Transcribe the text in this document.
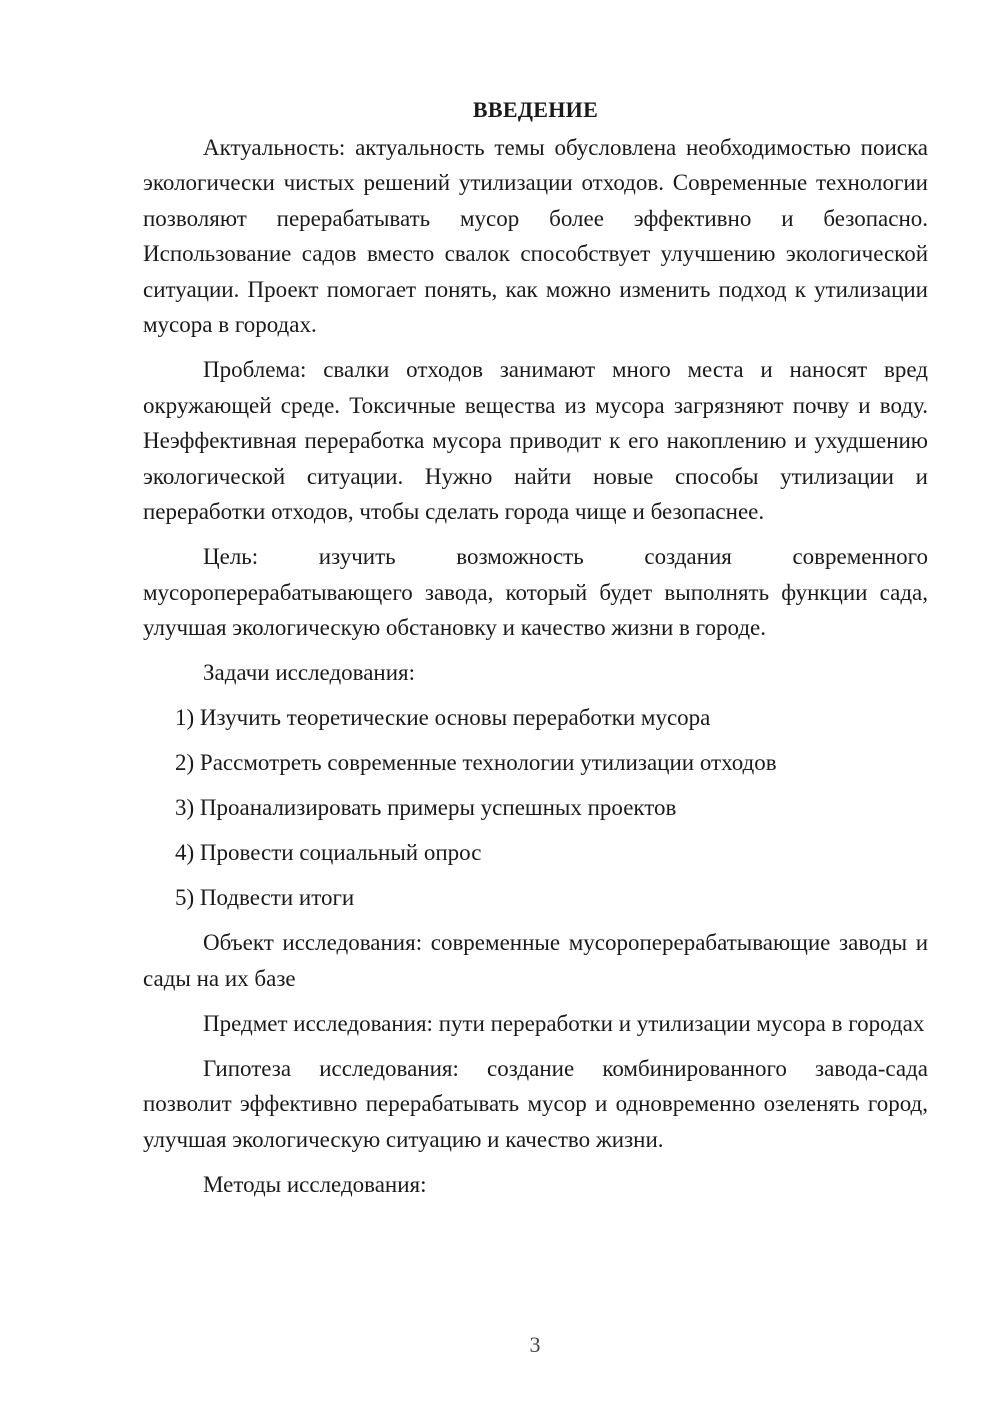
ВВЕДЕНИЕ

Актуальность: актуальность темы обусловлена необходимостью поиска экологически чистых решений утилизации отходов. Современные технологии позволяют перерабатывать мусор более эффективно и безопасно. Использование садов вместо свалок способствует улучшению экологической ситуации. Проект помогает понять, как можно изменить подход к утилизации мусора в городах.

Проблема: свалки отходов занимают много места и наносят вред окружающей среде. Токсичные вещества из мусора загрязняют почву и воду. Неэффективная переработка мусора приводит к его накоплению и ухудшению экологической ситуации. Нужно найти новые способы утилизации и переработки отходов, чтобы сделать города чище и безопаснее.

Цель: изучить возможность создания современного мусороперерабатывающего завода, который будет выполнять функции сада, улучшая экологическую обстановку и качество жизни в городе.

Задачи исследования:

1) Изучить теоретические основы переработки мусора
2) Рассмотреть современные технологии утилизации отходов
3) Проанализировать примеры успешных проектов
4) Провести социальный опрос
5) Подвести итоги

Объект исследования: современные мусороперерабатывающие заводы и сады на их базе

Предмет исследования: пути переработки и утилизации мусора в городах

Гипотеза исследования: создание комбинированного завода-сада позволит эффективно перерабатывать мусор и одновременно озеленять город, улучшая экологическую ситуацию и качество жизни.

Методы исследования:

3
